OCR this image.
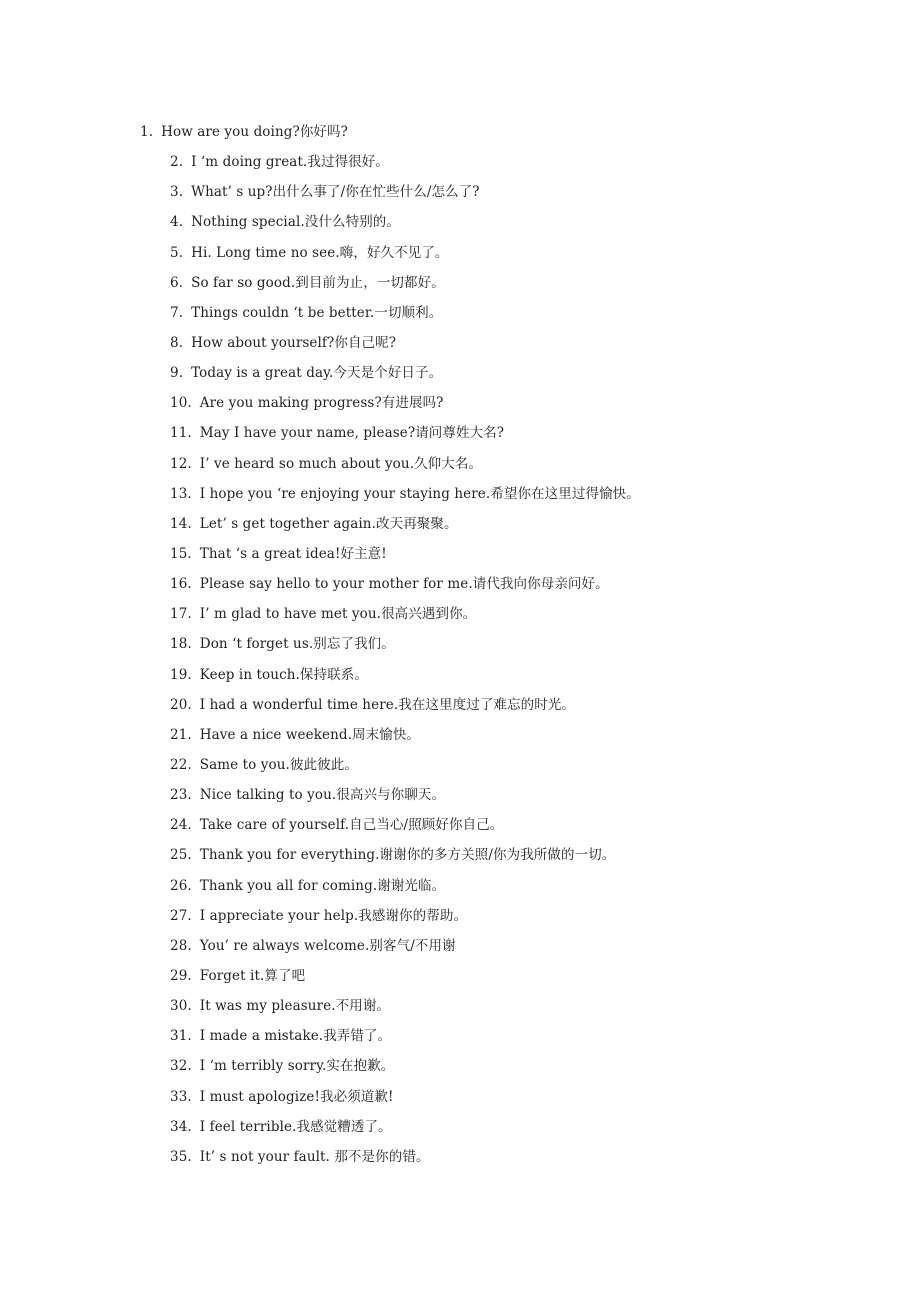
1. How are you doing?你好吗?
2. I ‘m doing great.我过得很好。
3. What’ s up?出什么事了/你在忙些什么/怎么了?
4. Nothing special.没什么特别的。
5. Hi. Long time no see.嗨，好久不见了。
6. So far so good.到目前为止，一切都好。
7. Things couldn ‘t be better.一切顺利。
8. How about yourself?你自己呢?
9. Today is a great day.今天是个好日子。
10. Are you making progress?有进展吗?
11. May I have your name, please?请问尊姓大名?
12. I’ ve heard so much about you.久仰大名。
13. I hope you ‘re enjoying your staying here.希望你在这里过得愉快。
14. Let’ s get together again.改天再聚聚。
15. That ‘s a great idea!好主意!
16. Please say hello to your mother for me.请代我向你母亲问好。
17. I’ m glad to have met you.很高兴遇到你。
18. Don ‘t forget us.别忘了我们。
19. Keep in touch.保持联系。
20. I had a wonderful time here.我在这里度过了难忘的时光。
21. Have a nice weekend.周末愉快。
22. Same to you.彼此彼此。
23. Nice talking to you.很高兴与你聊天。
24. Take care of yourself.自己当心/照顾好你自己。
25. Thank you for everything.谢谢你的多方关照/你为我所做的一切。
26. Thank you all for coming.谢谢光临。
27. I appreciate your help.我感谢你的帮助。
28. You’ re always welcome.别客气/不用谢
29. Forget it.算了吧
30. It was my pleasure.不用谢。
31. I made a mistake.我弄错了。
32. I ‘m terribly sorry.实在抱歉。
33. I must apologize!我必须道歉!
34. I feel terrible.我感觉糟透了。
35. It’ s not your fault. 那不是你的错。
